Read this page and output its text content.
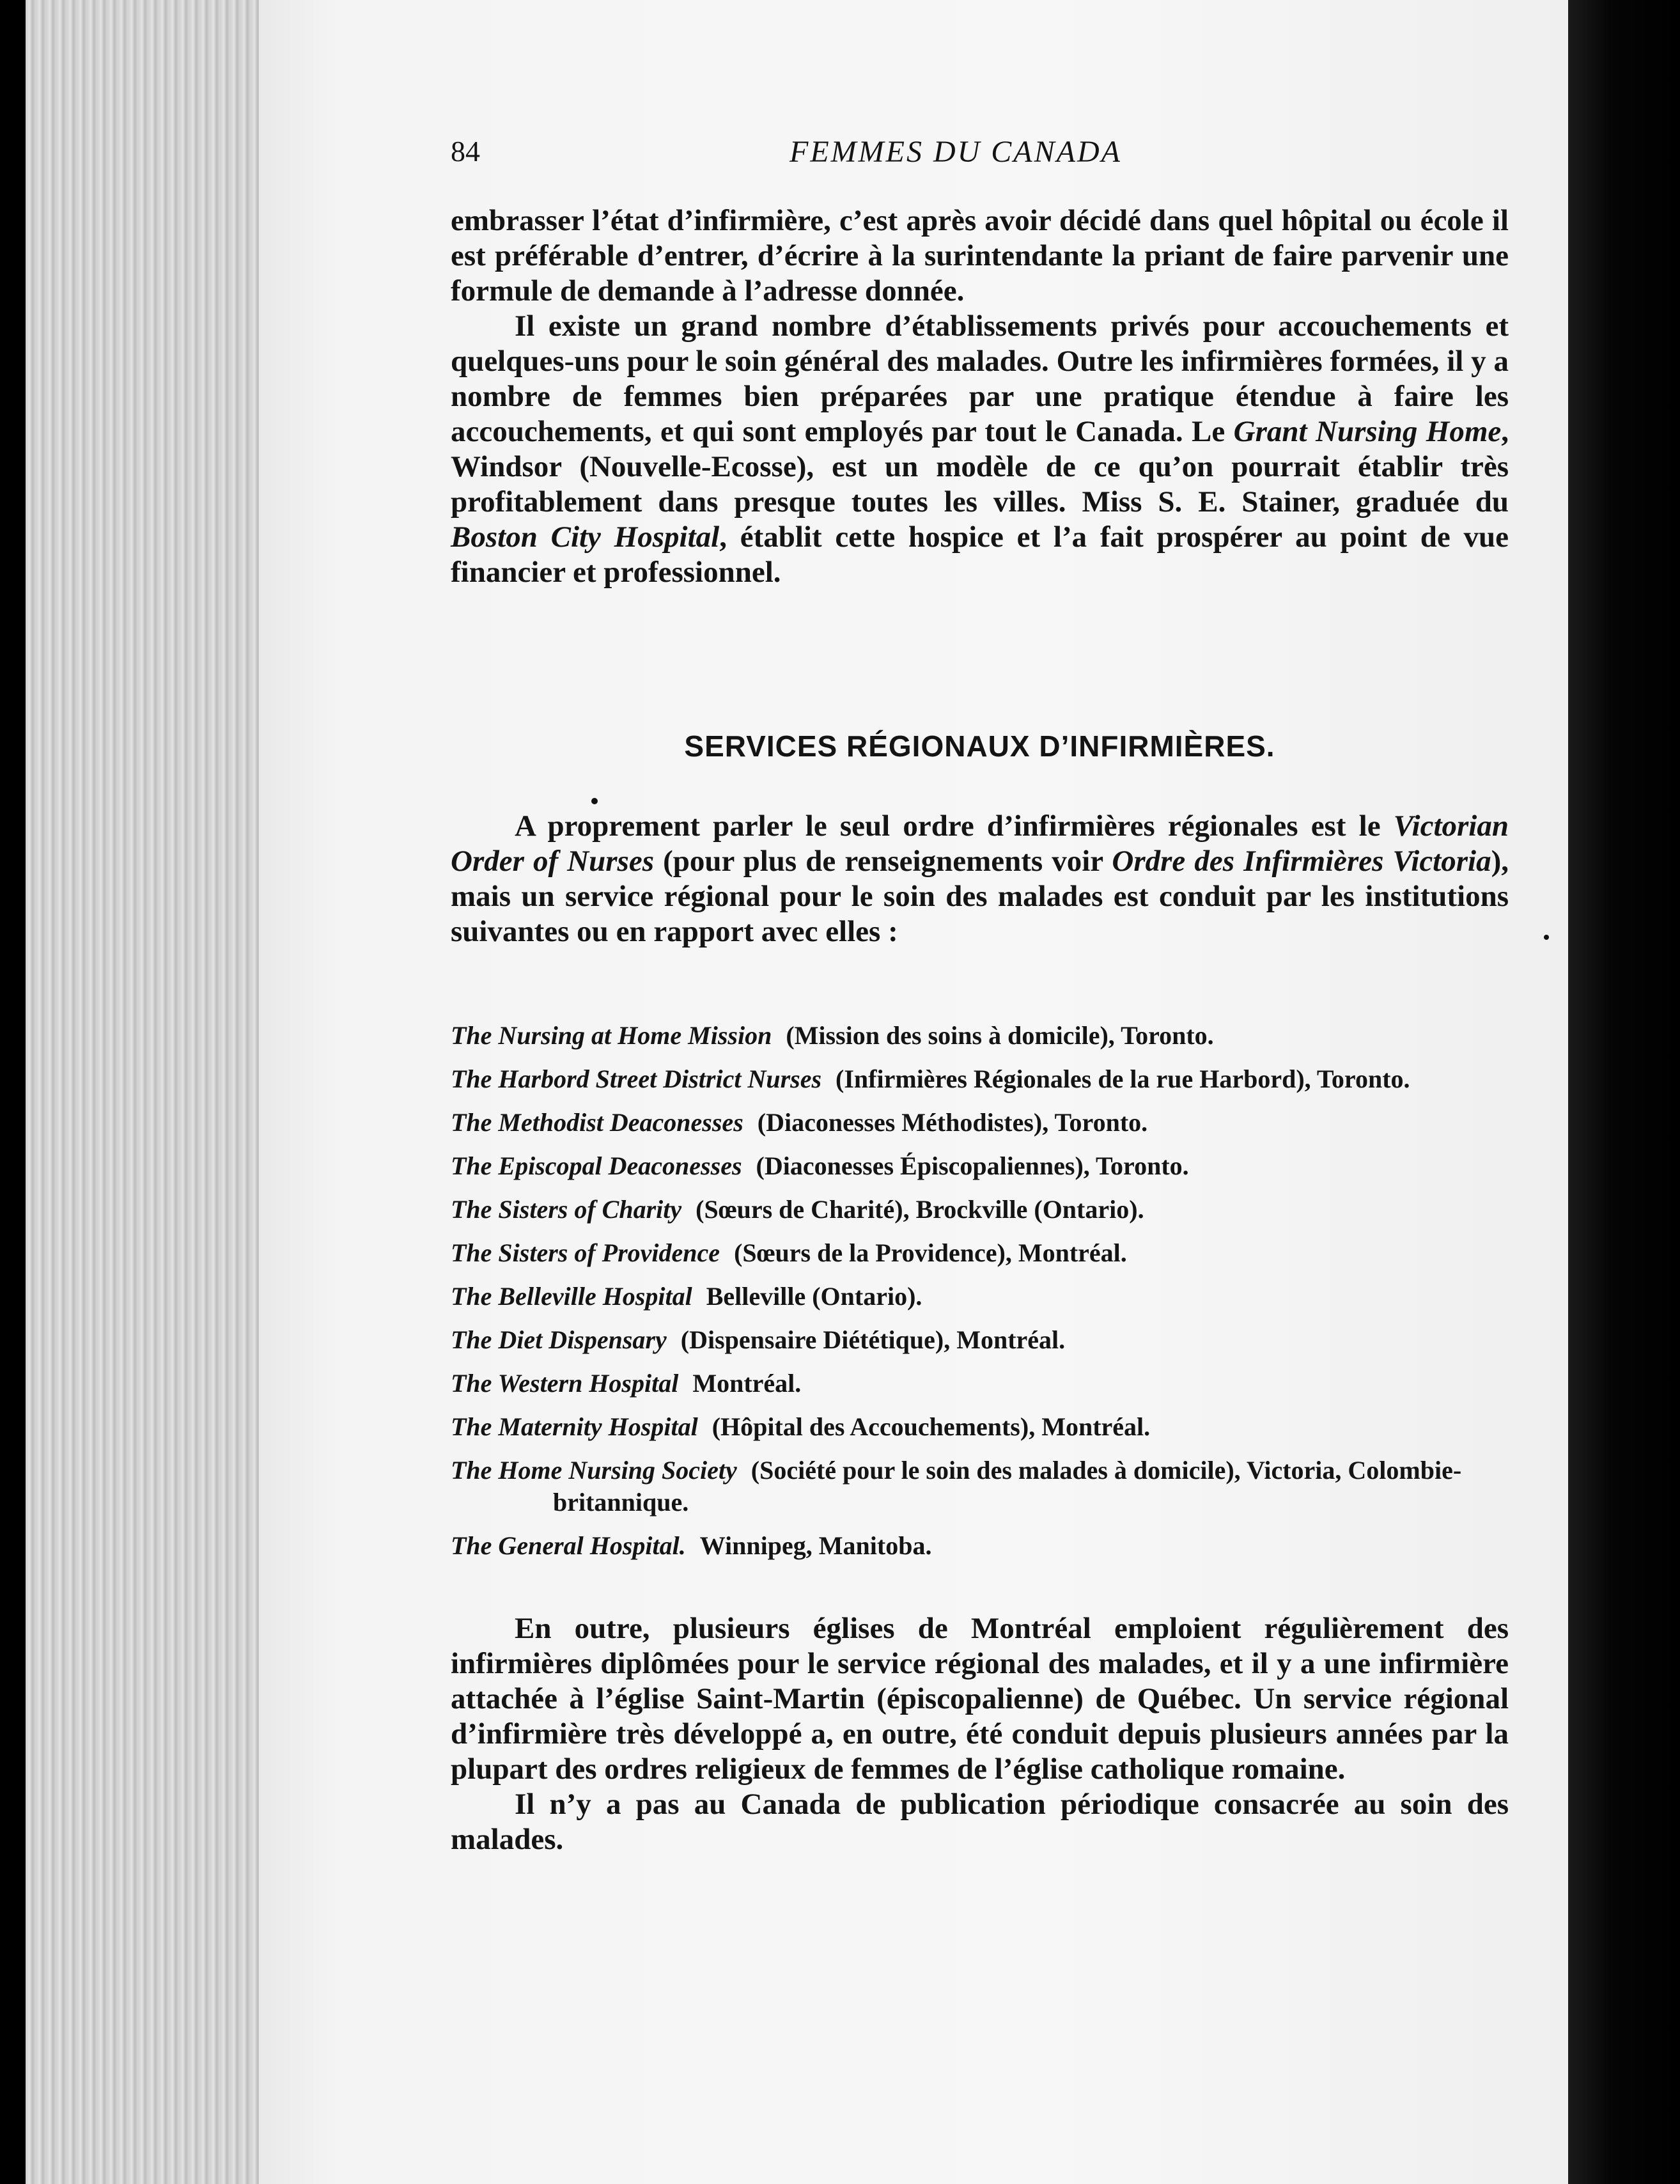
84	FEMMES DU CANADA

embrasser l’état d’infirmière, c’est après avoir décidé dans quel hôpital ou école il est préférable d’entrer, d’écrire à la surintendante la priant de faire parvenir une formule de demande à l’adresse donnée.

Il existe un grand nombre d’établissements privés pour accouchements et quelques-uns pour le soin général des malades. Outre les infirmières formées, il y a nombre de femmes bien préparées par une pratique étendue à faire les accouchements, et qui sont employés par tout le Canada. Le Grant Nursing Home, Windsor (Nouvelle-Ecosse), est un modèle de ce qu’on pourrait établir très profitablement dans presque toutes les villes. Miss S. E. Stainer, graduée du Boston City Hospital, établit cette hospice et l’a fait prospérer au point de vue financier et professionnel.

SERVICES RÉGIONAUX D’INFIRMIÈRES.

A proprement parler le seul ordre d’infirmières régionales est le Victorian Order of Nurses (pour plus de renseignements voir Ordre des Infirmières Victoria), mais un service régional pour le soin des malades est conduit par les institutions suivantes ou en rapport avec elles :

The Nursing at Home Mission (Mission des soins à domicile), Toronto.

The Harbord Street District Nurses (Infirmières Régionales de la rue Harbord), Toronto.

The Methodist Deaconesses (Diaconesses Méthodistes), Toronto.

The Episcopal Deaconesses (Diaconesses Épiscopaliennes), Toronto.

The Sisters of Charity (Sœurs de Charité), Brockville (Ontario).

The Sisters of Providence (Sœurs de la Providence), Montréal.

The Belleville Hospital Belleville (Ontario).

The Diet Dispensary (Dispensaire Diététique), Montréal.

The Western Hospital Montréal.

The Maternity Hospital (Hôpital des Accouchements), Montréal.

The Home Nursing Society (Société pour le soin des malades à domicile), Victoria, Colombie-britannique.

The General Hospital. Winnipeg, Manitoba.

En outre, plusieurs églises de Montréal emploient régulièrement des infirmières diplômées pour le service régional des malades, et il y a une infirmière attachée à l’église Saint-Martin (épiscopalienne) de Québec. Un service régional d’infirmière très développé a, en outre, été conduit depuis plusieurs années par la plupart des ordres religieux de femmes de l’église catholique romaine.

Il n’y a pas au Canada de publication périodique consacrée au soin des malades.
